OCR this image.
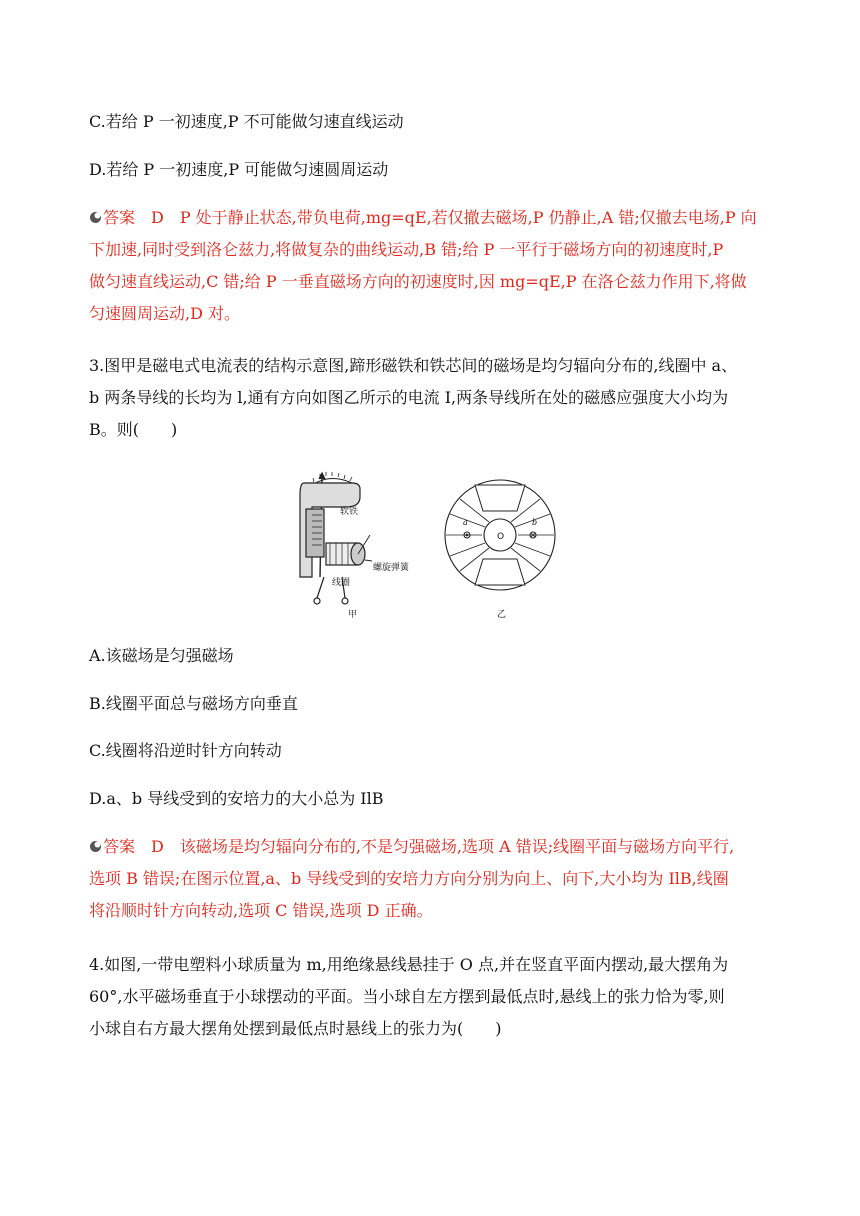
C.若给 P 一初速度,P 不可能做匀速直线运动
D.若给 P 一初速度,P 可能做匀速圆周运动
答案　D　P 处于静止状态,带负电荷,mg=qE,若仅撤去磁场,P 仍静止,A 错;仅撤去电场,P 向
下加速,同时受到洛仑兹力,将做复杂的曲线运动,B 错;给 P 一平行于磁场方向的初速度时,P
做匀速直线运动,C 错;给 P 一垂直磁场方向的初速度时,因 mg=qE,P 在洛仑兹力作用下,将做
匀速圆周运动,D 对。
3.图甲是磁电式电流表的结构示意图,蹄形磁铁和铁芯间的磁场是均匀辐向分布的,线圈中 a、
b 两条导线的长均为 l,通有方向如图乙所示的电流 I,两条导线所在处的磁感应强度大小均为
B。则(　　)
软铁
螺旋弹簧
线圈
甲
O
a	b
乙
A.该磁场是匀强磁场
B.线圈平面总与磁场方向垂直
C.线圈将沿逆时针方向转动
D.a、b 导线受到的安培力的大小总为 IlB
答案　D　该磁场是均匀辐向分布的,不是匀强磁场,选项 A 错误;线圈平面与磁场方向平行,
选项 B 错误;在图示位置,a、b 导线受到的安培力方向分别为向上、向下,大小均为 IlB,线圈
将沿顺时针方向转动,选项 C 错误,选项 D 正确。
4.如图,一带电塑料小球质量为 m,用绝缘悬线悬挂于 O 点,并在竖直平面内摆动,最大摆角为
60°,水平磁场垂直于小球摆动的平面。当小球自左方摆到最低点时,悬线上的张力恰为零,则
小球自右方最大摆角处摆到最低点时悬线上的张力为(　　)
